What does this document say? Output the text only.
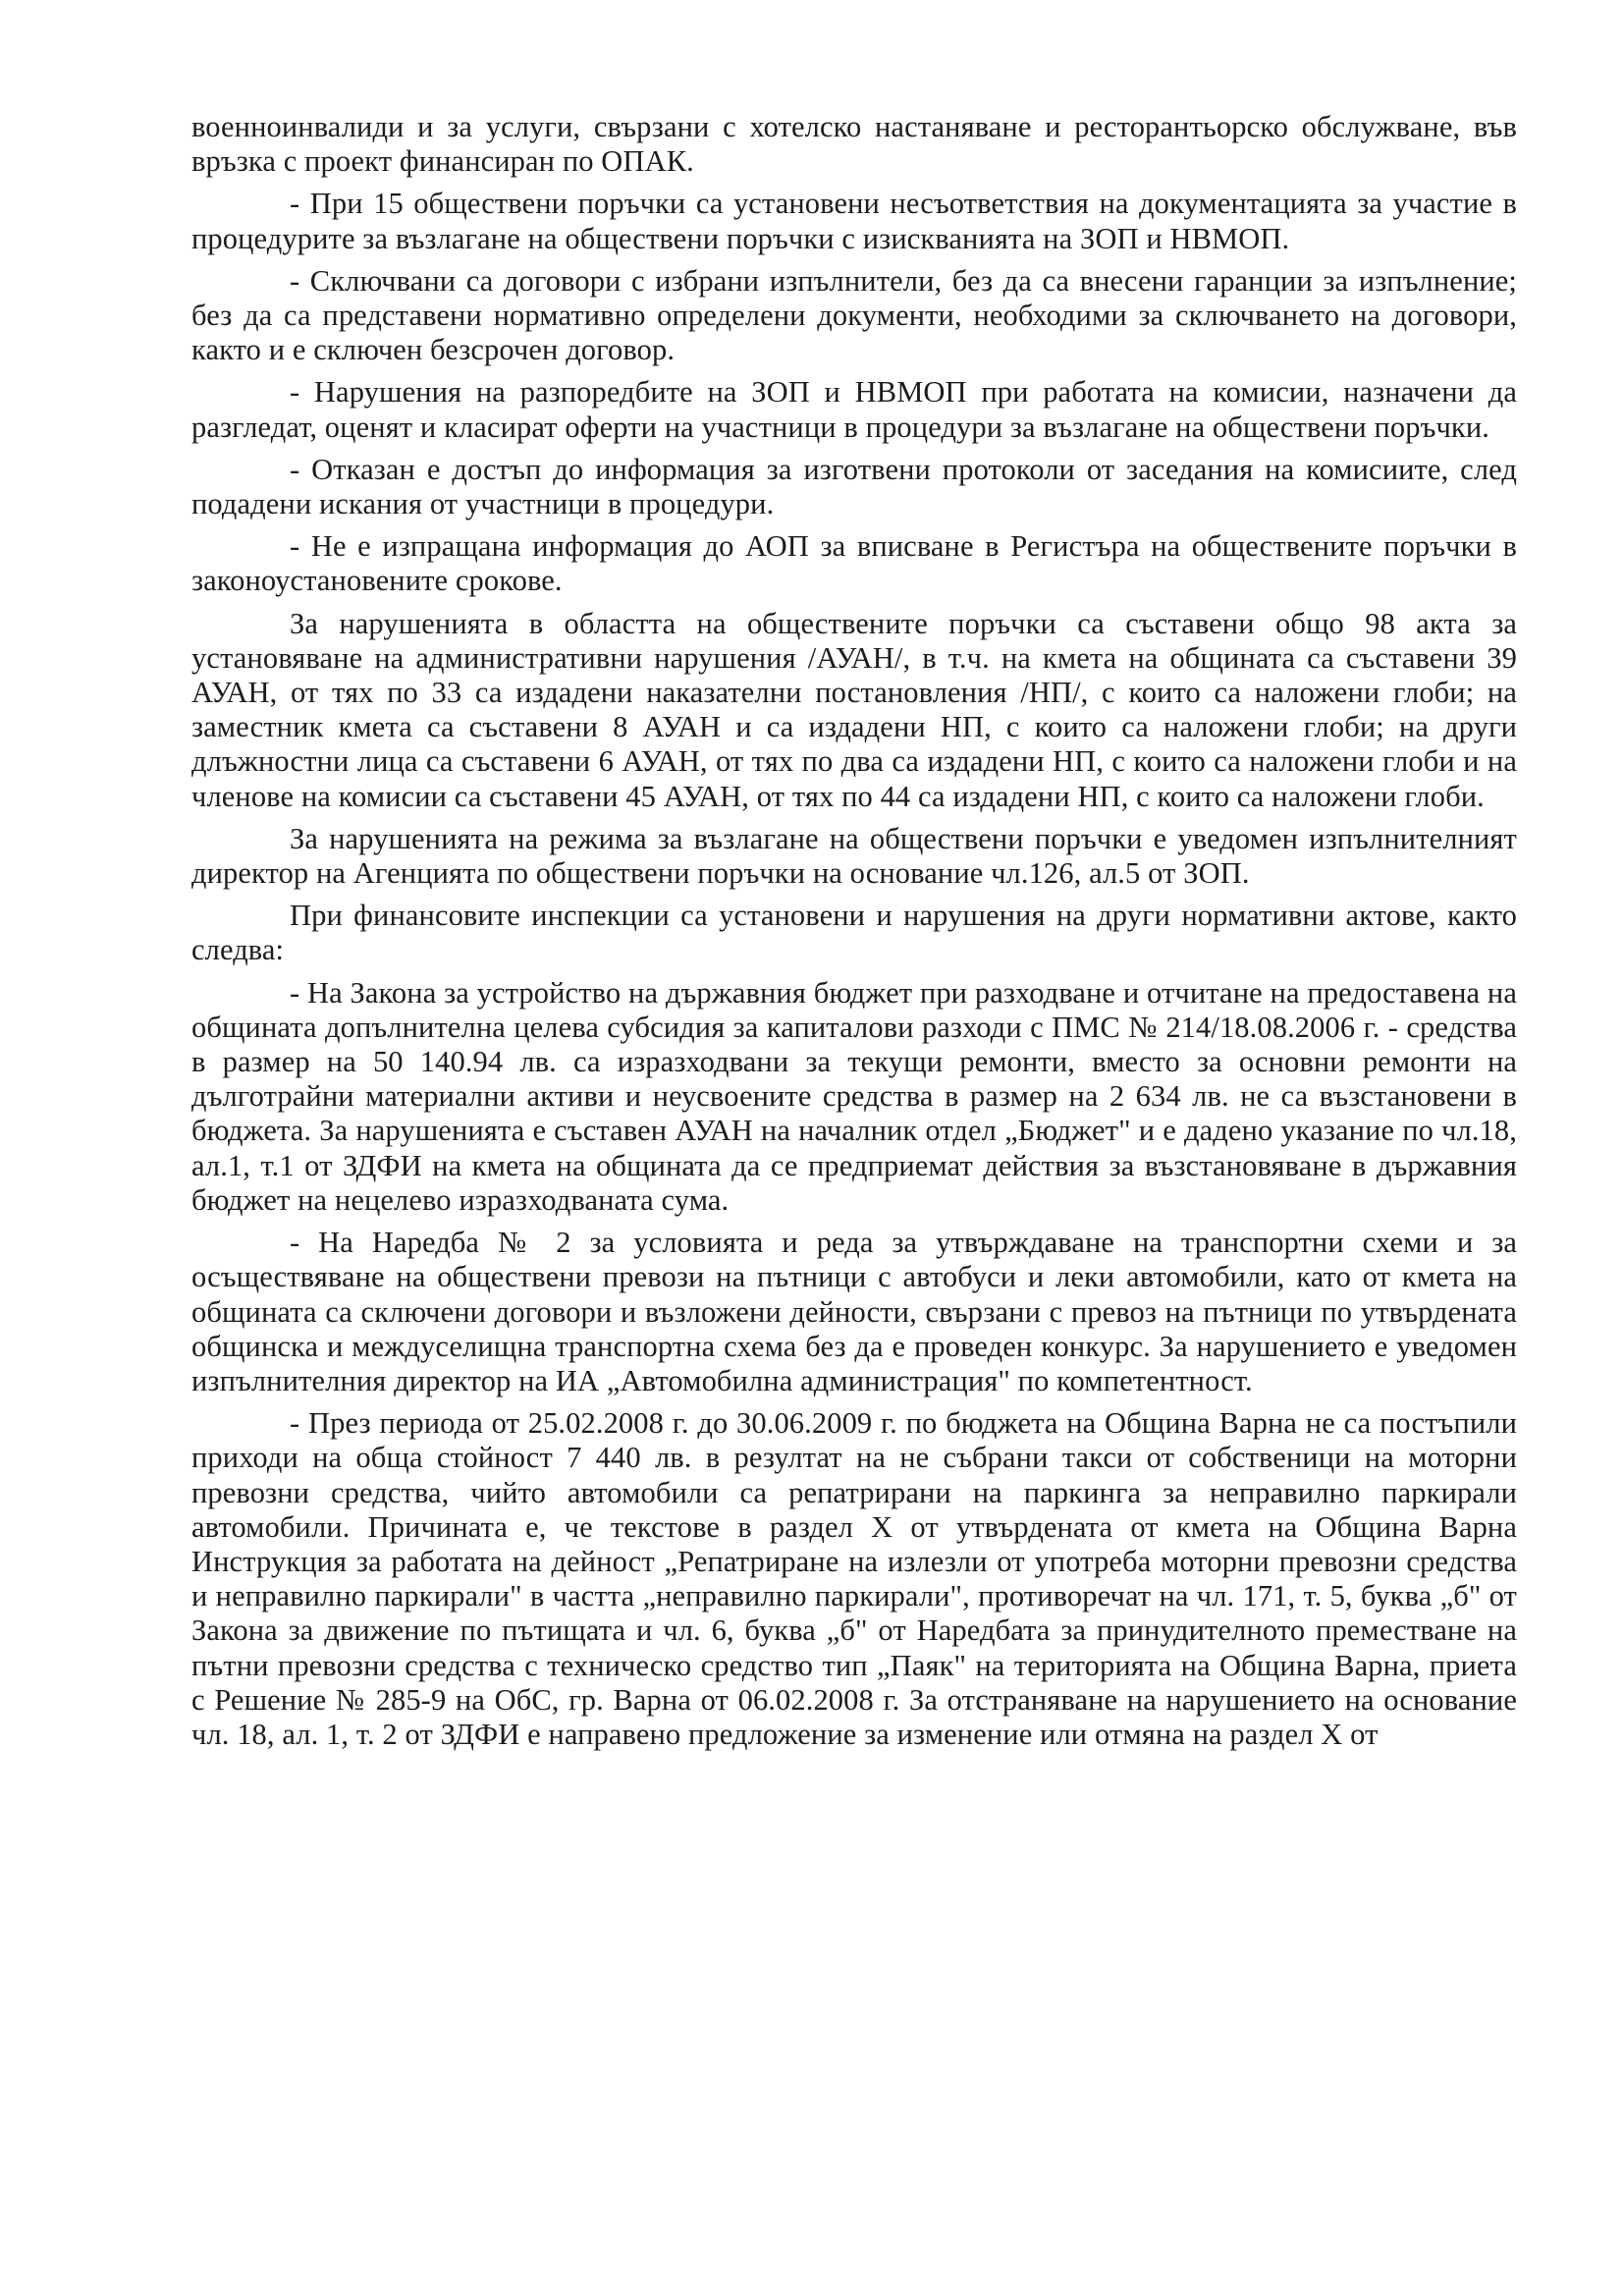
военноинвалиди и за услуги, свързани с хотелско настаняване и ресторантьорско обслужване, във връзка с проект финансиран по ОПАК.

- При 15 обществени поръчки са установени несъответствия на документацията за участие в процедурите за възлагане на обществени поръчки с изискванията на ЗОП и НВМОП.

- Сключвани са договори с избрани изпълнители, без да са внесени гаранции за изпълнение; без да са представени нормативно определени документи, необходими за сключването на договори, както и е сключен безсрочен договор.

- Нарушения на разпоредбите на ЗОП и НВМОП при работата на комисии, назначени да разгледат, оценят и класират оферти на участници в процедури за възлагане на обществени поръчки.

- Отказан е достъп до информация за изготвени протоколи от заседания на комисиите, след подадени искания от участници в процедури.

- Не е изпращана информация до АОП за вписване в Регистъра на обществените поръчки в законоустановените срокове.

За нарушенията в областта на обществените поръчки са съставени общо 98 акта за установяване на административни нарушения /АУАН/, в т.ч. на кмета на общината са съставени 39 АУАН, от тях по 33 са издадени наказателни постановления /НП/, с които са наложени глоби; на заместник кмета са съставени 8 АУАН и са издадени НП, с които са наложени глоби; на други длъжностни лица са съставени 6 АУАН, от тях по два са издадени НП, с които са наложени глоби и на членове на комисии са съставени 45 АУАН, от тях по 44 са издадени НП, с които са наложени глоби.

За нарушенията на режима за възлагане на обществени поръчки е уведомен изпълнителният директор на Агенцията по обществени поръчки на основание чл.126, ал.5 от ЗОП.

При финансовите инспекции са установени и нарушения на други нормативни актове, както следва:

- На Закона за устройство на държавния бюджет при разходване и отчитане на предоставена на общината допълнителна целева субсидия за капиталови разходи с ПМС № 214/18.08.2006 г. - средства в размер на 50 140.94 лв. са изразходвани за текущи ремонти, вместо за основни ремонти на дълготрайни материални активи и неусвоените средства в размер на 2 634 лв. не са възстановени в бюджета. За нарушенията е съставен АУАН на началник отдел „Бюджет" и е дадено указание по чл.18, ал.1, т.1 от ЗДФИ на кмета на общината да се предприемат действия за възстановяване в държавния бюджет на нецелево изразходваната сума.

- На Наредба № 2 за условията и реда за утвърждаване на транспортни схеми и за осъществяване на обществени превози на пътници с автобуси и леки автомобили, като от кмета на общината са сключени договори и възложени дейности, свързани с превоз на пътници по утвърдената общинска и междуселищна транспортна схема без да е проведен конкурс. За нарушението е уведомен изпълнителния директор на ИА „Автомобилна администрация" по компетентност.

- През периода от 25.02.2008 г. до 30.06.2009 г. по бюджета на Община Варна не са постъпили приходи на обща стойност 7 440 лв. в резултат на не събрани такси от собственици на моторни превозни средства, чийто автомобили са репатрирани на паркинга за неправилно паркирали автомобили. Причината е, че текстове в раздел X от утвърдената от кмета на Община Варна Инструкция за работата на дейност „Репатриране на излезли от употреба моторни превозни средства и неправилно паркирали" в частта „неправилно паркирали", противоречат на чл. 171, т. 5, буква „б" от Закона за движение по пътищата и чл. 6, буква „б" от Наредбата за принудителното преместване на пътни превозни средства с техническо средство тип „Паяк" на територията на Община Варна, приета с Решение № 285-9 на ОбС, гр. Варна от 06.02.2008 г. За отстраняване на нарушението на основание чл. 18, ал. 1, т. 2 от ЗДФИ е направено предложение за изменение или отмяна на раздел X от
